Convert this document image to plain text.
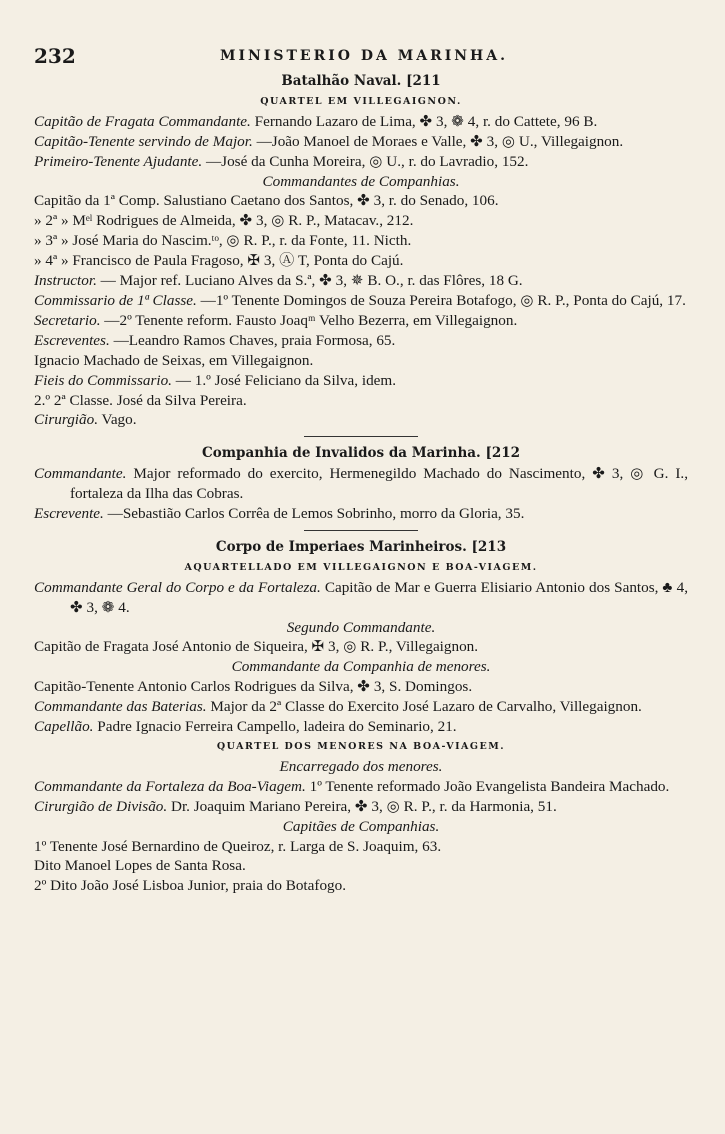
232	MINISTERIO DA MARINHA.
Batalhão Naval. [211
QUARTEL EM VILLEGAIGNON.
Capitão de Fragata Commandante. Fernando Lazaro de Lima, ✤ 3, ❁ 4, r. do Cattete, 96 B.
Capitão-Tenente servindo de Major. —João Manoel de Moraes e Valle, ✤ 3, ◎ U., Villegaignon.
Primeiro-Tenente Ajudante. —José da Cunha Moreira, ◎ U., r. do Lavradio, 152.
Commandantes de Companhias.
Capitão da 1ª Comp. Salustiano Caetano dos Santos, ✤ 3, r. do Senado, 106.
» 2ª » Mᵉˡ Rodrigues de Almeida, ✤ 3, ◎ R. P., Matacav., 212.
» 3ª » José Maria do Nascim.ᵗᵒ, ◎ R. P., r. da Fonte, 11. Nicth.
» 4ª » Francisco de Paula Fragoso, ✠ 3, Ⓐ T, Ponta do Cajú.
Instructor. — Major ref. Luciano Alves da S.ª, ✤ 3, ✵ B. O., r. das Flôres, 18 G.
Commissario de 1ª Classe. —1º Tenente Domingos de Souza Pereira Botafogo, ◎ R. P., Ponta do Cajú, 17.
Secretario. —2º Tenente reform. Fausto Joaqᵐ Velho Bezerra, em Villegaignon.
Escreventes. —Leandro Ramos Chaves, praia Formosa, 65.
Ignacio Machado de Seixas, em Villegaignon.
Fieis do Commissario. — 1.º José Feliciano da Silva, idem.
2.º 2ª Classe. José da Silva Pereira.
Cirurgião. Vago.
Companhia de Invalidos da Marinha. [212
Commandante. Major reformado do exercito, Hermenegildo Machado do Nascimento, ✤ 3, ◎ G. I., fortaleza da Ilha das Cobras.
Escrevente. —Sebastião Carlos Corrêa de Lemos Sobrinho, morro da Gloria, 35.
Corpo de Imperiaes Marinheiros. [213
AQUARTELLADO EM VILLEGAIGNON E BOA-VIAGEM.
Commandante Geral do Corpo e da Fortaleza. Capitão de Mar e Guerra Elisiario Antonio dos Santos, ♣ 4, ✤ 3, ❁ 4.
Segundo Commandante.
Capitão de Fragata José Antonio de Siqueira, ✠ 3, ◎ R. P., Villegaignon.
Commandante da Companhia de menores.
Capitão-Tenente Antonio Carlos Rodrigues da Silva, ✤ 3, S. Domingos.
Commandante das Baterias. Major da 2ª Classe do Exercito José Lazaro de Carvalho, Villegaignon.
Capellão. Padre Ignacio Ferreira Campello, ladeira do Seminario, 21.
QUARTEL DOS MENORES NA BOA-VIAGEM.
Encarregado dos menores.
Commandante da Fortaleza da Boa-Viagem. 1º Tenente reformado João Evangelista Bandeira Machado.
Cirurgião de Divisão. Dr. Joaquim Mariano Pereira, ✤ 3, ◎ R. P., r. da Harmonia, 51.
Capitães de Companhias.
1º Tenente José Bernardino de Queiroz, r. Larga de S. Joaquim, 63.
Dito Manoel Lopes de Santa Rosa.
2º Dito João José Lisboa Junior, praia do Botafogo.
